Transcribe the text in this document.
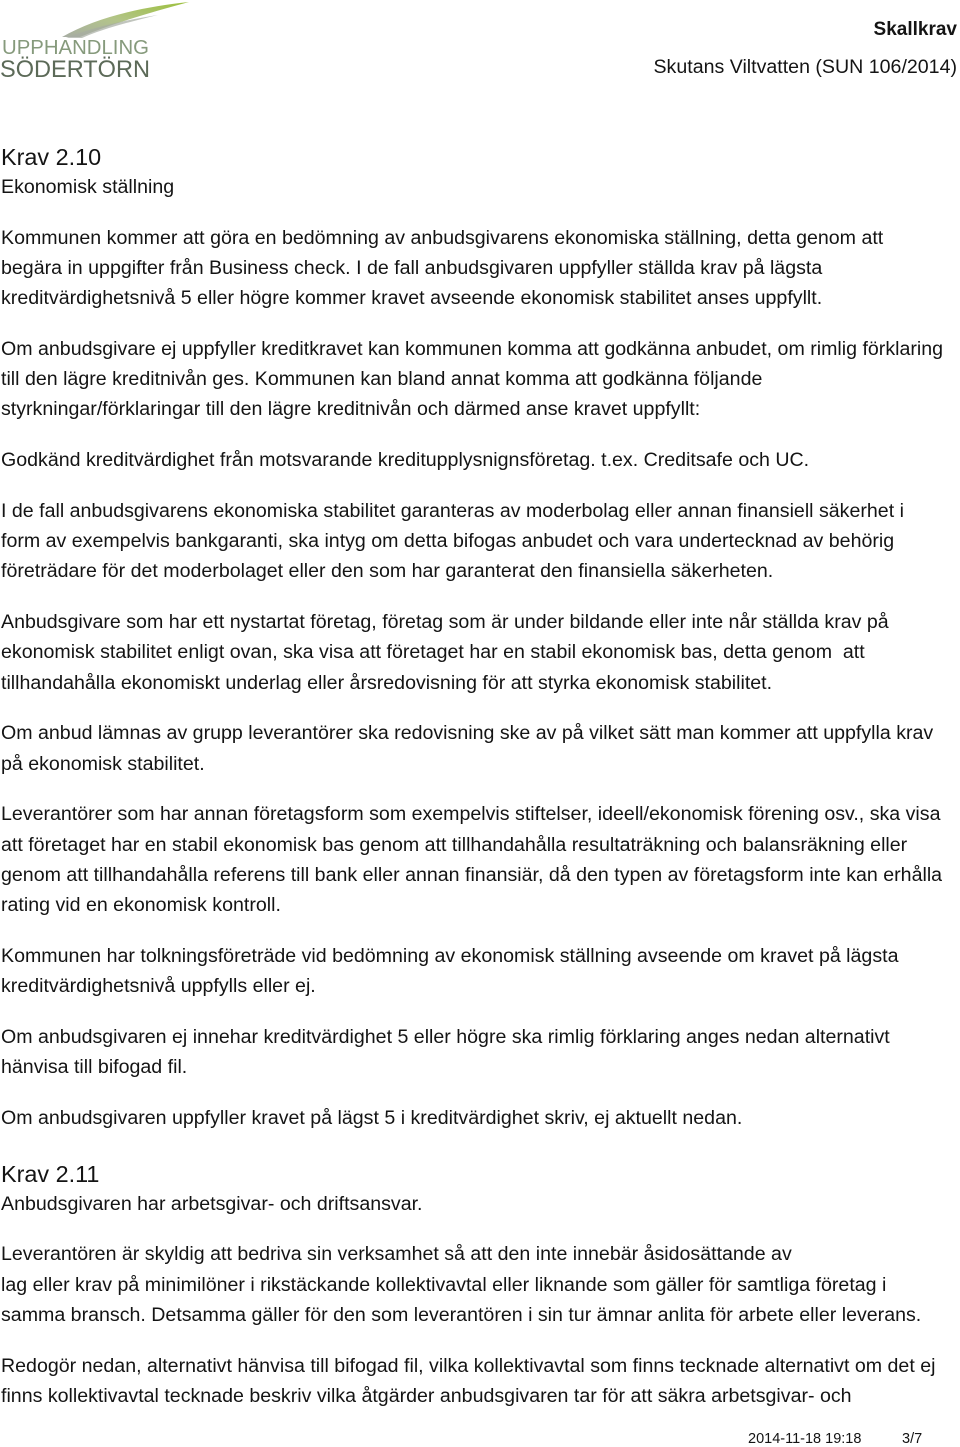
UPPHANDLING
SÖDERTÖRN
Skallkrav
Skutans Viltvatten (SUN 106/2014)
Krav 2.10
Ekonomisk ställning
Kommunen kommer att göra en bedömning av anbudsgivarens ekonomiska ställning, detta genom att
begära in uppgifter från Business check. I de fall anbudsgivaren uppfyller ställda krav på lägsta
kreditvärdighetsnivå 5 eller högre kommer kravet avseende ekonomisk stabilitet anses uppfyllt.
Om anbudsgivare ej uppfyller kreditkravet kan kommunen komma att godkänna anbudet, om rimlig förklaring
till den lägre kreditnivån ges. Kommunen kan bland annat komma att godkänna följande
styrkningar/förklaringar till den lägre kreditnivån och därmed anse kravet uppfyllt:
Godkänd kreditvärdighet från motsvarande kreditupplysnignsföretag. t.ex. Creditsafe och UC.
I de fall anbudsgivarens ekonomiska stabilitet garanteras av moderbolag eller annan finansiell säkerhet i
form av exempelvis bankgaranti, ska intyg om detta bifogas anbudet och vara undertecknad av behörig
företrädare för det moderbolaget eller den som har garanterat den finansiella säkerheten.
Anbudsgivare som har ett nystartat företag, företag som är under bildande eller inte når ställda krav på
ekonomisk stabilitet enligt ovan, ska visa att företaget har en stabil ekonomisk bas, detta genom  att
tillhandahålla ekonomiskt underlag eller årsredovisning för att styrka ekonomisk stabilitet.
Om anbud lämnas av grupp leverantörer ska redovisning ske av på vilket sätt man kommer att uppfylla krav
på ekonomisk stabilitet.
Leverantörer som har annan företagsform som exempelvis stiftelser, ideell/ekonomisk förening osv., ska visa
att företaget har en stabil ekonomisk bas genom att tillhandahålla resultaträkning och balansräkning eller
genom att tillhandahålla referens till bank eller annan finansiär, då den typen av företagsform inte kan erhålla
rating vid en ekonomisk kontroll.
Kommunen har tolkningsföreträde vid bedömning av ekonomisk ställning avseende om kravet på lägsta
kreditvärdighetsnivå uppfylls eller ej.
Om anbudsgivaren ej innehar kreditvärdighet 5 eller högre ska rimlig förklaring anges nedan alternativt
hänvisa till bifogad fil.
Om anbudsgivaren uppfyller kravet på lägst 5 i kreditvärdighet skriv, ej aktuellt nedan.
Krav 2.11
Anbudsgivaren har arbetsgivar- och driftsansvar.
Leverantören är skyldig att bedriva sin verksamhet så att den inte innebär åsidosättande av
lag eller krav på minimilöner i rikstäckande kollektivavtal eller liknande som gäller för samtliga företag i
samma bransch. Detsamma gäller för den som leverantören i sin tur ämnar anlita för arbete eller leverans.
Redogör nedan, alternativt hänvisa till bifogad fil, vilka kollektivavtal som finns tecknade alternativt om det ej
finns kollektivavtal tecknade beskriv vilka åtgärder anbudsgivaren tar för att säkra arbetsgivar- och
2014-11-18 19:18	3/7
